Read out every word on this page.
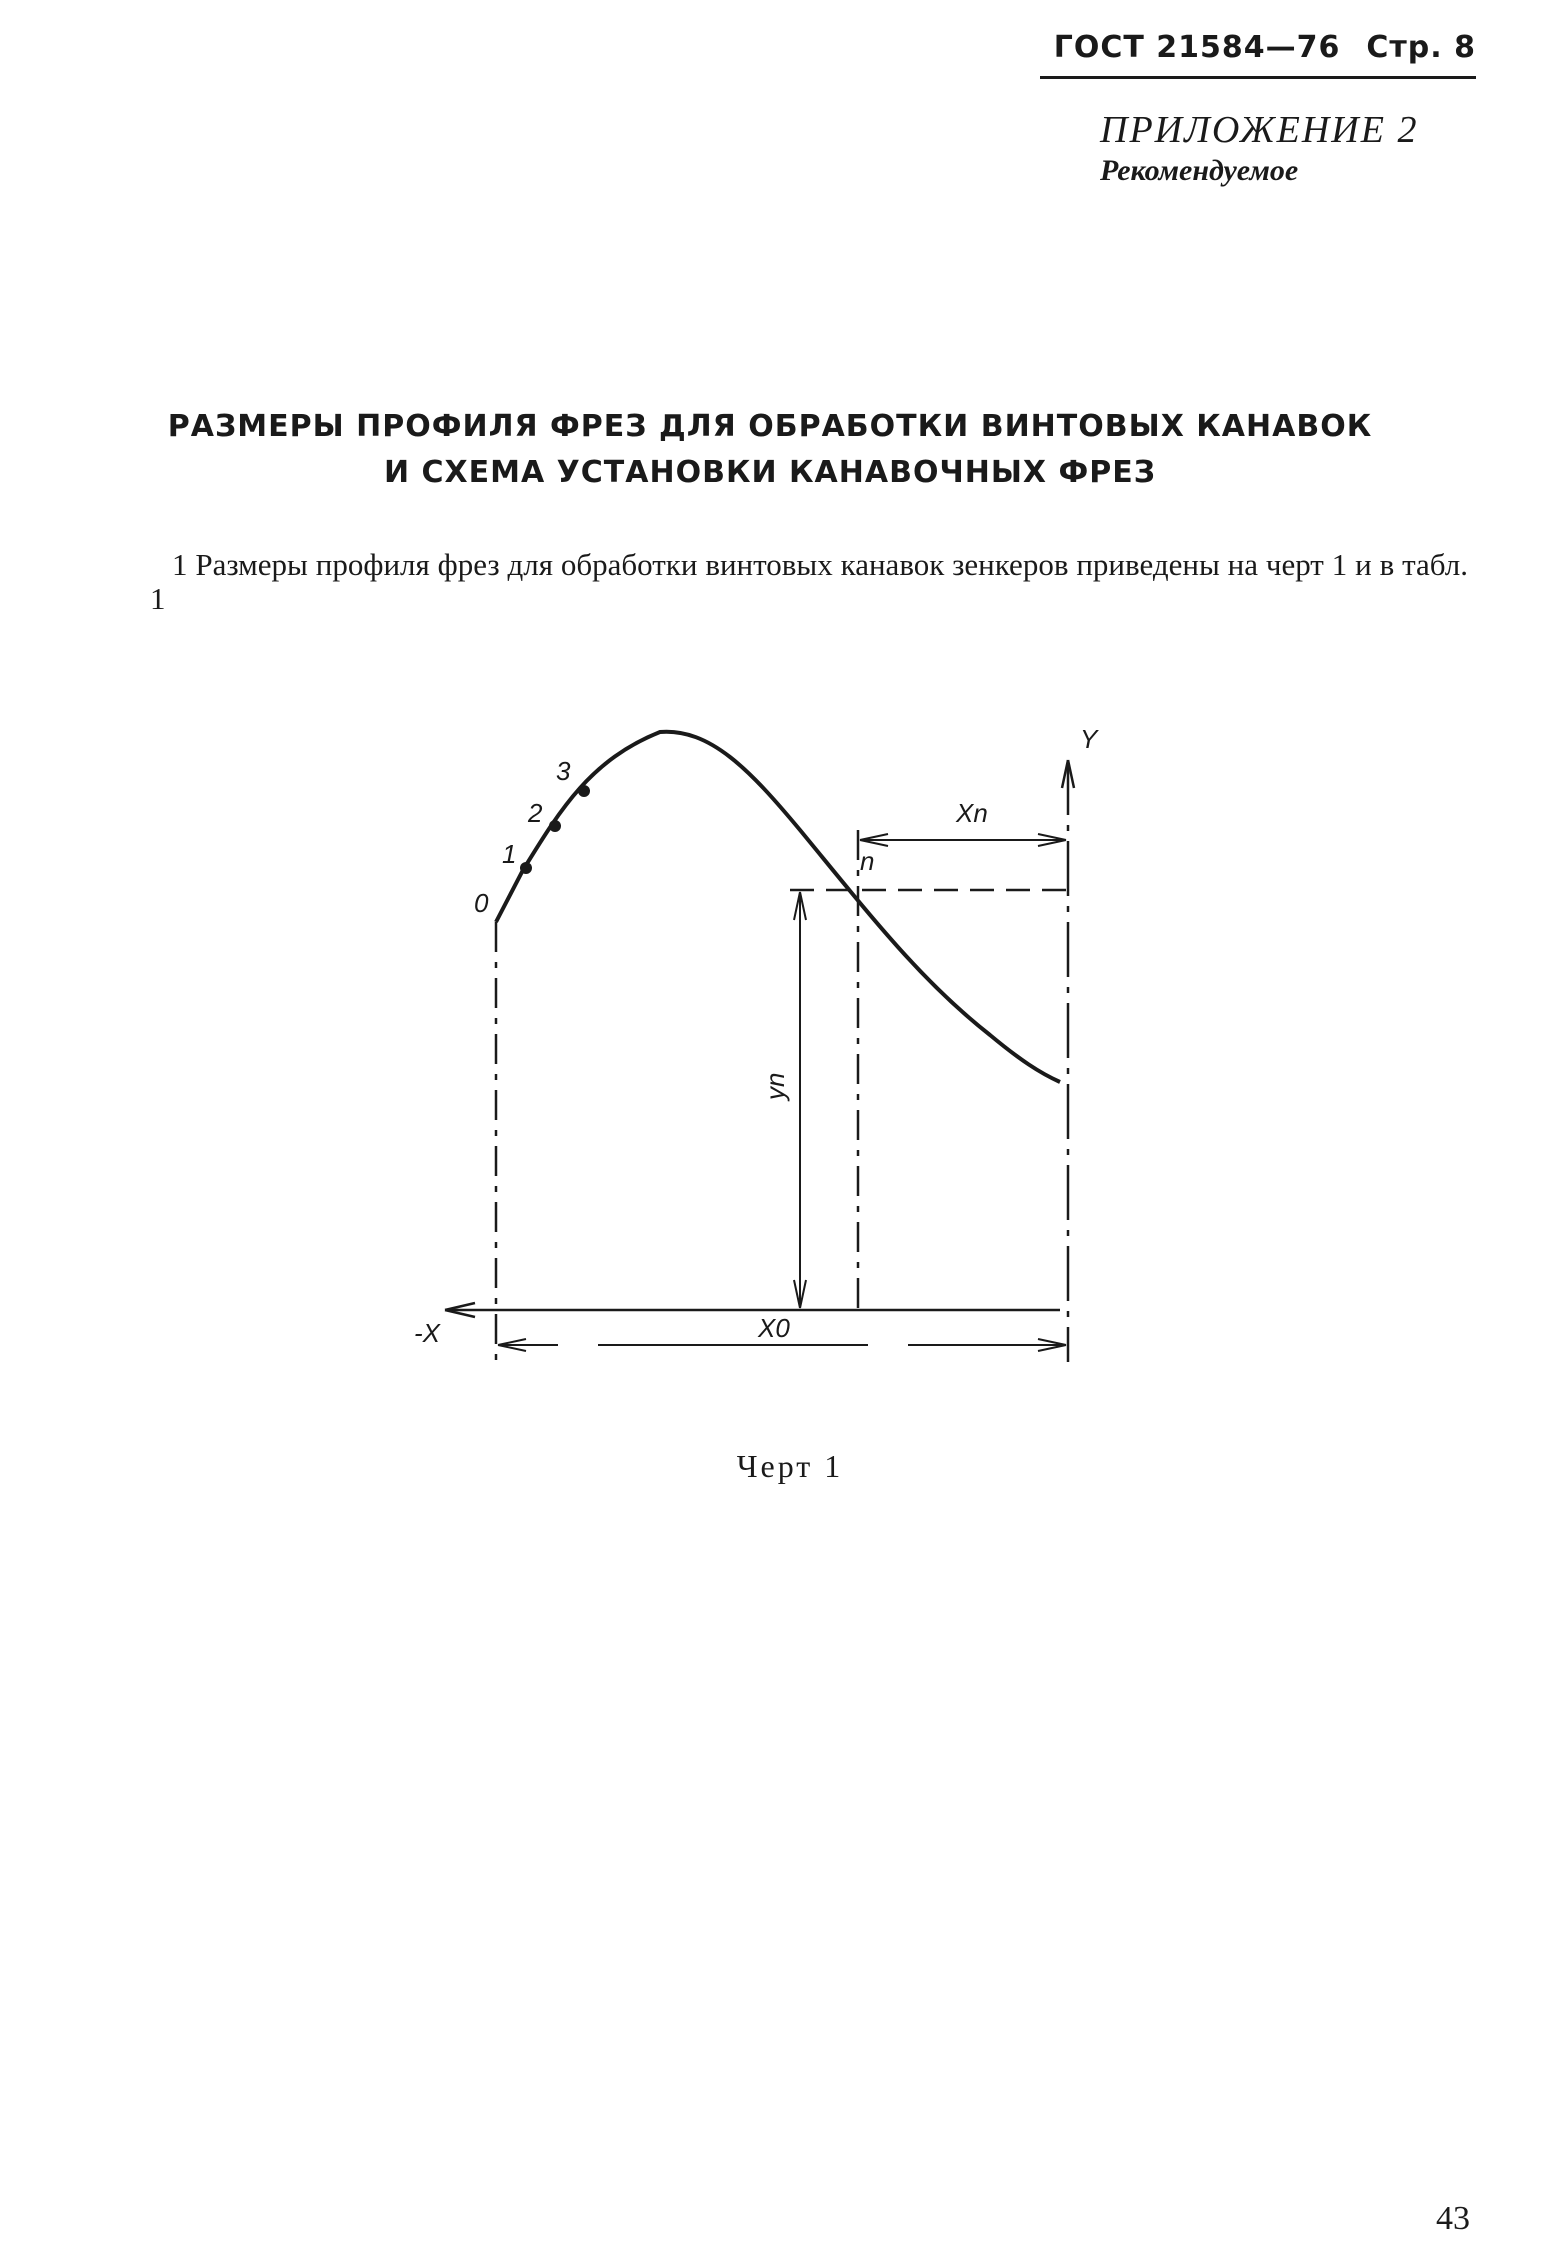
ГОСТ 21584—76 Стр. 8
ПРИЛОЖЕНИЕ 2
Рекомендуемое
РАЗМЕРЫ ПРОФИЛЯ ФРЕЗ ДЛЯ ОБРАБОТКИ ВИНТОВЫХ КАНАВОК
И СХЕМА УСТАНОВКИ КАНАВОЧНЫХ ФРЕЗ
1 Размеры профиля фрез для обработки винтовых канавок зенкеров приведены на черт 1 и в табл. 1
Y
-X
0
1
2
3
n
Xn
X0
yn
Черт 1
43
